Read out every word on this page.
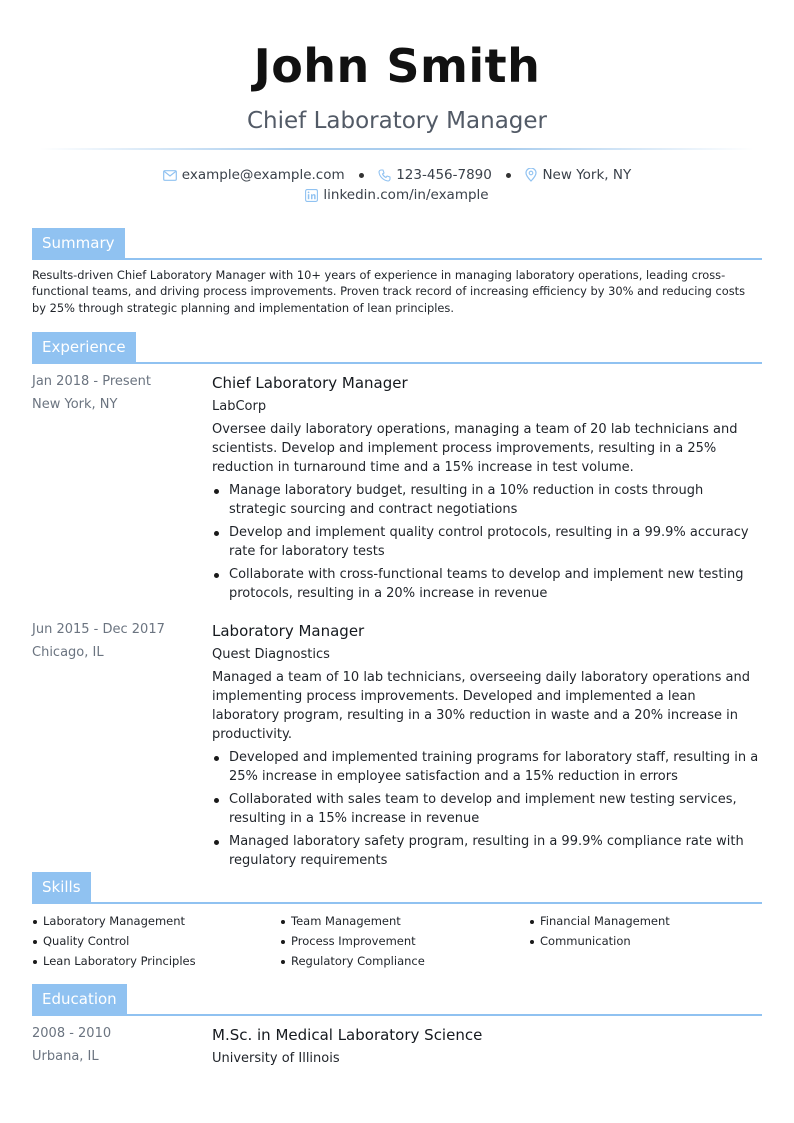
John Smith
Chief Laboratory Manager
example@example.com
	123-456-7890
	New York, NY
linkedin.com/in/example
Summary
Results-driven Chief Laboratory Manager with 10+ years of experience in managing laboratory operations, leading cross-functional teams, and driving process improvements. Proven track record of increasing efficiency by 30% and reducing costs by 25% through strategic planning and implementation of lean principles.
Experience
Jan 2018 - Present
New York, NY
Chief Laboratory Manager
LabCorp
Oversee daily laboratory operations, managing a team of 20 lab technicians and scientists. Develop and implement process improvements, resulting in a 25% reduction in turnaround time and a 15% increase in test volume.
Manage laboratory budget, resulting in a 10% reduction in costs through strategic sourcing and contract negotiations
Develop and implement quality control protocols, resulting in a 99.9% accuracy rate for laboratory tests
Collaborate with cross-functional teams to develop and implement new testing protocols, resulting in a 20% increase in revenue
Jun 2015 - Dec 2017
Chicago, IL
Laboratory Manager
Quest Diagnostics
Managed a team of 10 lab technicians, overseeing daily laboratory operations and implementing process improvements. Developed and implemented a lean laboratory program, resulting in a 30% reduction in waste and a 20% increase in productivity.
Developed and implemented training programs for laboratory staff, resulting in a 25% increase in employee satisfaction and a 15% reduction in errors
Collaborated with sales team to develop and implement new testing services, resulting in a 15% increase in revenue
Managed laboratory safety program, resulting in a 99.9% compliance rate with regulatory requirements
Skills
Laboratory Management
Quality Control
Lean Laboratory Principles
Team Management
Process Improvement
Regulatory Compliance
Financial Management
Communication
Education
2008 - 2010
Urbana, IL
M.Sc. in Medical Laboratory Science
University of Illinois
